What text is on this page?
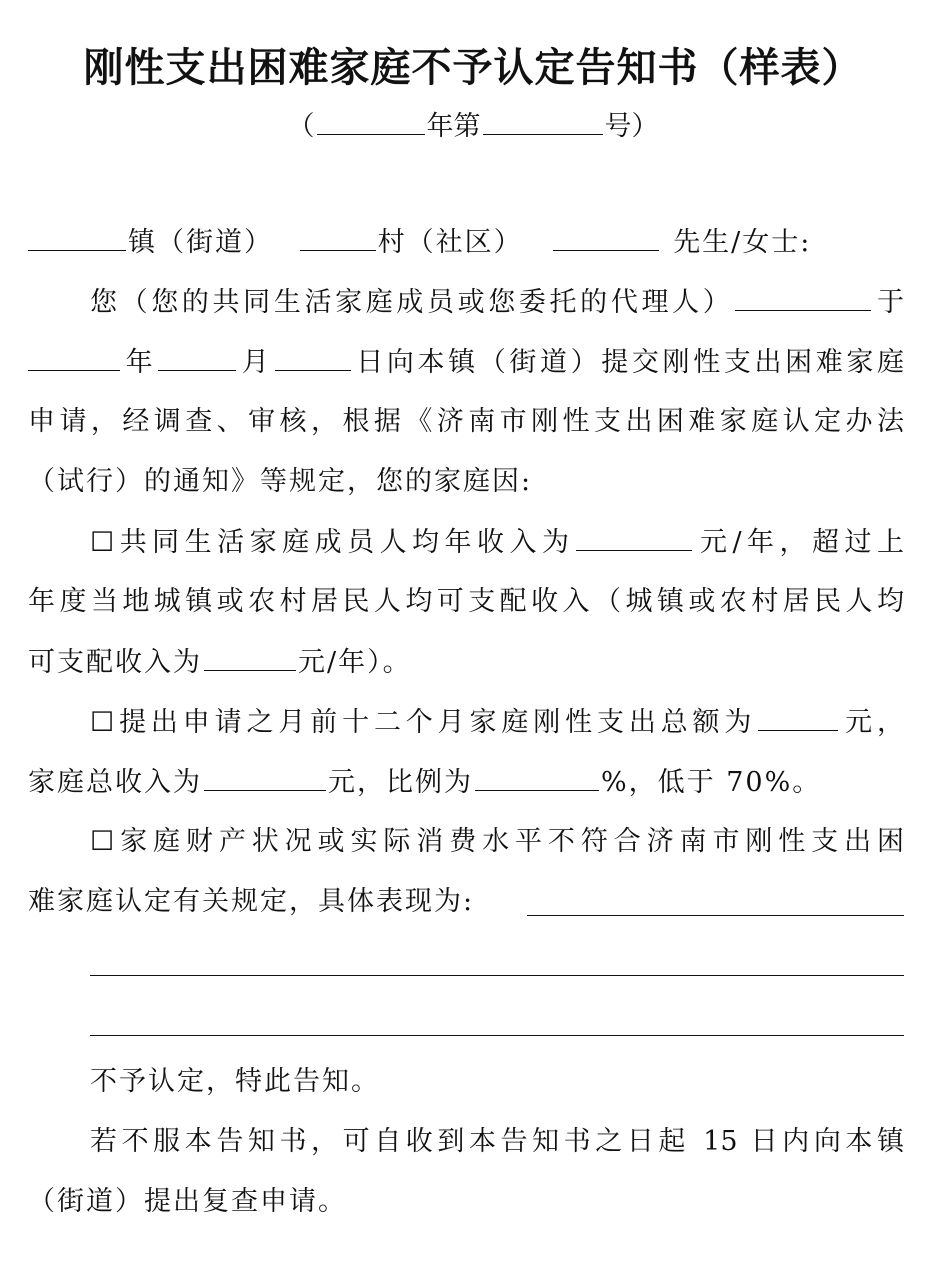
刚性支出困难家庭不予认定告知书（样表）
（	年第	号）
镇（街道）	村（社区）	先生/女士:
您（您的共同生活家庭成员或您委托的代理人）	于
年	月	日向本镇（街道）提交刚性支出困难家庭
申请，经调查、审核，根据《济南市刚性支出困难家庭认定办法
（试行）的通知》等规定，您的家庭因:
☐共同生活家庭成员人均年收入为	元/年，超过上
年度当地城镇或农村居民人均可支配收入（城镇或农村居民人均
可支配收入为	元/年）。
☐提出申请之月前十二个月家庭刚性支出总额为	元，
家庭总收入为	元，比例为	%，低于 70%。
☐家庭财产状况或实际消费水平不符合济南市刚性支出困
难家庭认定有关规定，具体表现为:
不予认定，特此告知。
若不服本告知书，可自收到本告知书之日起 15 日内向本镇
（街道）提出复查申请。
